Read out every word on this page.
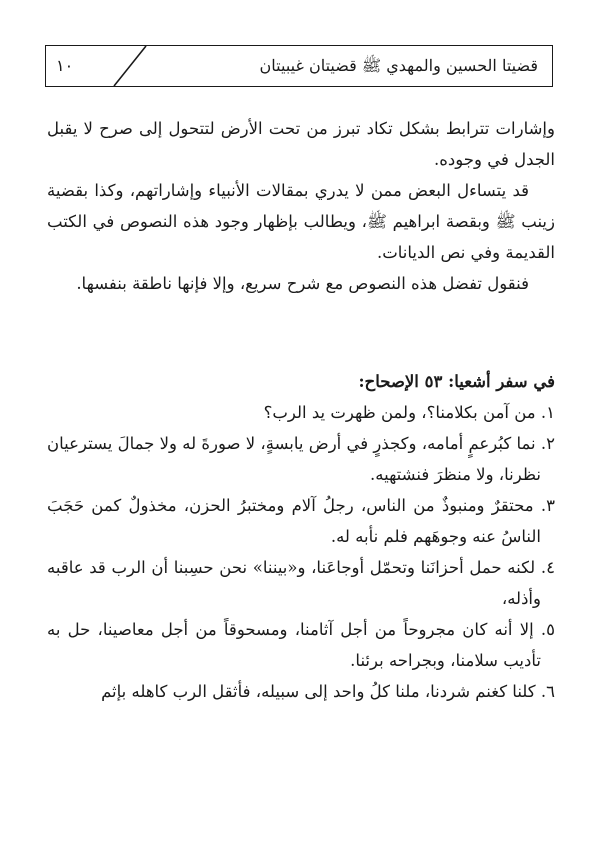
قضيتا الحسين والمهدي ﷺ قضيتان غيبيتان
١٠

وإشارات تترابط بشكل تكاد تبرز من تحت الأرض لتتحول إلى صرح لا يقبل الجدل في وجوده.

قد يتساءل البعض ممن لا يدري بمقالات الأنبياء وإشاراتهم، وكذا بقضية زينب ﷺ وبقصة ابراهيم ﷺ، ويطالب بإظهار وجود هذه النصوص في الكتب القديمة وفي نص الديانات.

فنقول تفضل هذه النصوص مع شرح سريع، وإلا فإنها ناطقة بنفسها.

في سفر أشعيا: ٥٣ الإصحاح:

١. من آمن بكلامنا؟، ولمن ظهرت يد الرب؟

٢. نما كبُرعمٍ أمامه، وكجذرٍ في أرض يابسةٍ، لا صورةَ له ولا جمالَ يسترعيان نظرنا، ولا منظرَ فنشتهيه.

٣. محتقرٌ ومنبوذٌ من الناس، رجلُ آلام ومختبرُ الحزن، مخذولٌ كمن حَجَبَ الناسُ عنه وجوهَهم فلم نأبه له.

٤. لكنه حمل أحزانَنا وتحمّل أوجاعَنا، و«بيننا» نحن حسِبنا أن الرب قد عاقبه وأذله،

٥. إلا أنه كان مجروحاً من أجل آثامنا، ومسحوقاً من أجل معاصينا، حل به تأديب سلامنا، وبجراحه برئنا.

٦. كلنا كغنم شردنا، ملنا كلُ واحد إلى سبيله، فأثقل الرب كاهله بإثم
